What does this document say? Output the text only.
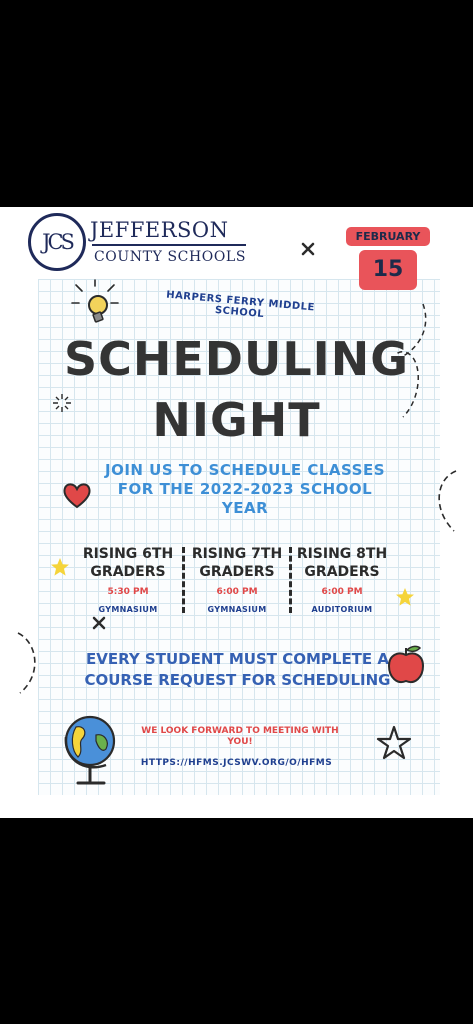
JCS JEFFERSON
COUNTY SCHOOLS
FEBRUARY
15
HARPERS FERRY MIDDLE SCHOOL
SCHEDULING
NIGHT
JOIN US TO SCHEDULE CLASSES FOR THE 2022-2023 SCHOOL YEAR
RISING 6TH GRADERS
5:30 PM
GYMNASIUM
RISING 7TH GRADERS
6:00 PM
GYMNASIUM
RISING 8TH GRADERS
6:00 PM
AUDITORIUM
EVERY STUDENT MUST COMPLETE A COURSE REQUEST FOR SCHEDULING
WE LOOK FORWARD TO MEETING WITH YOU!
HTTPS://HFMS.JCSWV.ORG/O/HFMS
